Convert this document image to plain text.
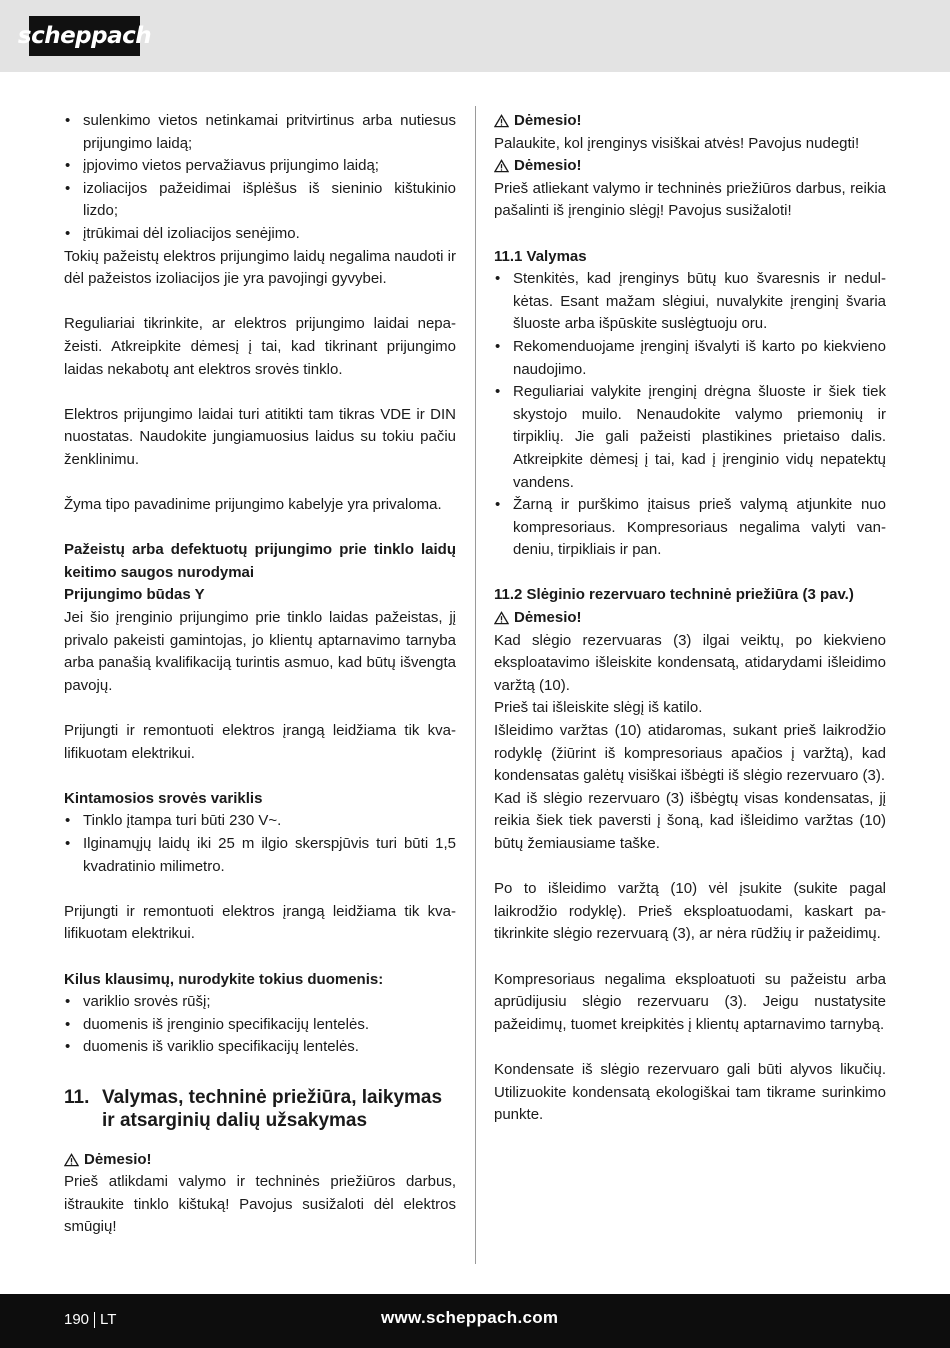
scheppach
• sulenkimo vietos netinkamai pritvirtinus arba nutiesus prijungimo laidą;
• įpjovimo vietos pervažiavus prijungimo laidą;
• izoliacijos pažeidimai išplėšus iš sieninio kištukinio lizdo;
• įtrūkimai dėl izoliacijos senėjimo.

Tokių pažeistų elektros prijungimo laidų negalima naudoti ir dėl pažeistos izoliacijos jie yra pavojingi gyvybei.

Reguliariai tikrinkite, ar elektros prijungimo laidai nepažeisti. Atkreipkite dėmesį į tai, kad tikrinant prijungimo laidas nekabotų ant elektros srovės tinklo.

Elektros prijungimo laidai turi atitikti tam tikras VDE ir DIN nuostatas. Naudokite jungiamuosius laidus su tokiu pačiu ženklinimu.

Žyma tipo pavadinime prijungimo kabelyje yra privaloma.

Pažeistų arba defektuotų prijungimo prie tinklo laidų keitimo saugos nurodymai

Prijungimo būdas Y

Jei šio įrenginio prijungimo prie tinklo laidas pažeistas, jį privalo pakeisti gamintojas, jo klientų aptarnavimo tarnyba arba panašią kvalifikaciją turintis asmuo, kad būtų išvengta pavojų.

Prijungti ir remontuoti elektros įrangą leidžiama tik kvalifikuotam elektrikui.

Kintamosios srovės variklis

• Tinklo įtampa turi būti 230 V~.
• Ilginamųjų laidų iki 25 m ilgio skerspjūvis turi būti 1,5 kvadratinio milimetro.

Prijungti ir remontuoti elektros įrangą leidžiama tik kvalifikuotam elektrikui.

Kilus klausimų, nurodykite tokius duomenis:

• variklio srovės rūšį;
• duomenis iš įrenginio specifikacijų lentelės.
• duomenis iš variklio specifikacijų lentelės.
11. Valymas, techninė priežiūra, laikymas ir atsarginių dalių užsakymas
Dėmesio!

Prieš atlikdami valymo ir techninės priežiūros darbus, ištraukite tinklo kištuką! Pavojus susižaloti dėl elektros smūgių!

Dėmesio!

Palaukite, kol įrenginys visiškai atvės! Pavojus nudegti!

Dėmesio!

Prieš atliekant valymo ir techninės priežiūros darbus, reikia pašalinti iš įrenginio slėgį! Pavojus susižaloti!

11.1 Valymas

• Stenkitės, kad įrenginys būtų kuo švaresnis ir nedulkėtas. Esant mažam slėgiui, nuvalykite įrenginį švaria šluoste arba išpūskite suslėgtuoju oru.
• Rekomenduojame įrenginį išvalyti iš karto po kiekvieno naudojimo.
• Reguliariai valykite įrenginį drėgna šluoste ir šiek tiek skystojo muilo. Nenaudokite valymo priemonių ir tirpiklių. Jie gali pažeisti plastikines prietaiso dalis. Atkreipkite dėmesį į tai, kad į įrenginio vidų nepatektų vandens.
• Žarną ir purškimo įtaisus prieš valymą atjunkite nuo kompresoriaus. Kompresoriaus negalima valyti vandeniu, tirpikliais ir pan.

11.2 Slėginio rezervuaro techninė priežiūra (3 pav.)

Dėmesio!

Kad slėgio rezervuaras (3) ilgai veiktų, po kiekvieno eksploatavimo išleiskite kondensatą, atidarydami išleidimo varžtą (10).

Prieš tai išleiskite slėgį iš katilo.

Išleidimo varžtas (10) atidaromas, sukant prieš laikrodžio rodyklę (žiūrint iš kompresoriaus apačios į varžtą), kad kondensatas galėtų visiškai išbėgti iš slėgio rezervuaro (3).

Kad iš slėgio rezervuaro (3) išbėgtų visas kondensatas, jį reikia šiek tiek paversti į šoną, kad išleidimo varžtas (10) būtų žemiausiame taške.

Po to išleidimo varžtą (10) vėl įsukite (sukite pagal laikrodžio rodyklę). Prieš eksploatuodami, kaskart patikrinkite slėgio rezervuarą (3), ar nėra rūdžių ir pažeidimų.

Kompresoriaus negalima eksploatuoti su pažeistu arba aprūdijusiu slėgio rezervuaru (3). Jeigu nustatysite pažeidimų, tuomet kreipkitės į klientų aptarnavimo tarnybą.

Kondensate iš slėgio rezervuaro gali būti alyvos likučių. Utilizuokite kondensatą ekologiškai tam tikrame surinkimo punkte.

190 LT	www.scheppach.com
